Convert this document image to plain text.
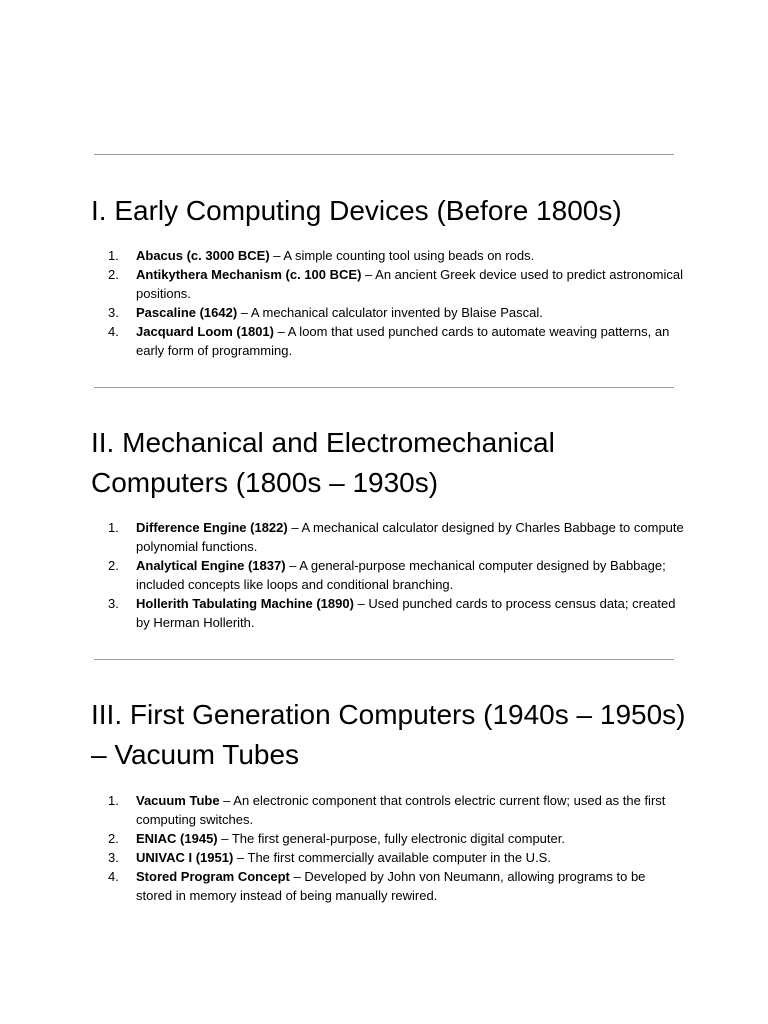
I. Early Computing Devices (Before 1800s)
1.	Abacus (c. 3000 BCE) – A simple counting tool using beads on rods.
2.	Antikythera Mechanism (c. 100 BCE) – An ancient Greek device used to predict astronomical positions.
3.	Pascaline (1642) – A mechanical calculator invented by Blaise Pascal.
4.	Jacquard Loom (1801) – A loom that used punched cards to automate weaving patterns, an early form of programming.
II. Mechanical and Electromechanical Computers (1800s – 1930s)
1.	Difference Engine (1822) – A mechanical calculator designed by Charles Babbage to compute polynomial functions.
2.	Analytical Engine (1837) – A general-purpose mechanical computer designed by Babbage; included concepts like loops and conditional branching.
3.	Hollerith Tabulating Machine (1890) – Used punched cards to process census data; created by Herman Hollerith.
III. First Generation Computers (1940s – 1950s) – Vacuum Tubes
1.	Vacuum Tube – An electronic component that controls electric current flow; used as the first computing switches.
2.	ENIAC (1945) – The first general-purpose, fully electronic digital computer.
3.	UNIVAC I (1951) – The first commercially available computer in the U.S.
4.	Stored Program Concept – Developed by John von Neumann, allowing programs to be stored in memory instead of being manually rewired.
